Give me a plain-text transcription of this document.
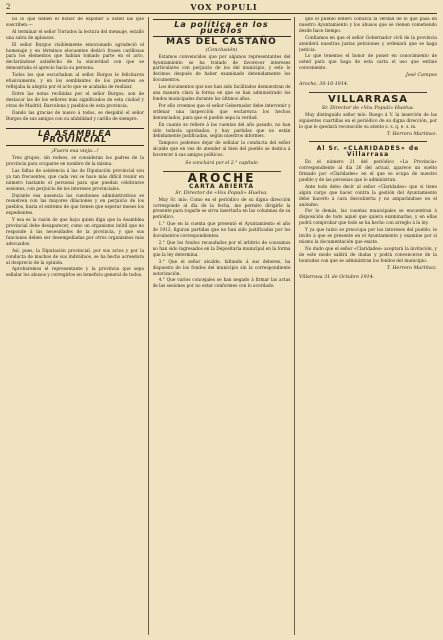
2	VOX POPULI

Es lo que tienen el honor de exponer á usted las que suscriben.—

Al terminar el señor Torrados la lectura del mensaje, estalló una salva de aplausos.

El señor Burgos visiblemente emocionado agradeció el homenaje y en términos elocuentes dedicó frases cariñosas para los elementos que habian tomado parte en el acto, declarándose satisfecho de la sinceridad con que se demostraba el aprecio hacia su persona.

Todos los que escuchaban al señor Burgos le felicitaron efusivamente, y en los semblantes de los presentes se reflejaba la alegría por el acto que se acababa de realizar.

Entre las notas recibidas por el señor Burgos, son de destacar las de los señores más significados de esta ciudad y otras de Madrid, Barcelona y pueblos de esta provincia.

Dando las gracias de nuevo á todos, se despidió el señor Burgos de sus amigos con su afabilidad y cariño de siempre.

LA ASAMBLEA PROVINCIAL
¡Fuera esa vieja...!

Tres grupos, sin rodeos, se consideran los padres de la provincia para ocuparse en nombre de la misma.

Las faltas de asistencia á las de Diputación provincial son ya tan frecuentes, que cada vez se hace más difícil reunir en número bastante el personal para que puedan celebrarse sesiones, con perjuicio de los intereses provinciales.

Durante esa ausencia las cuestiones administrativas se resuelven con las mayores dilaciones y en perjuicio de los pueblos, hasta el extremo de que tienen que esperar meses los expedientes.

Y esa es la razón de que haya quien diga que la Asamblea provincial debe desaparecer, como un organismo inútil que no responde á las necesidades de la provincia, y que sus funciones deben ser desempeñadas por otros organismos más adecuados.

Así, pues, la Diputación provincial, por sus actos y por la conducta de muchos de sus individuos, se ha hecho acreedora al desprecio de la opinión.

Aprobaremos el representante y la provincia que sepa señalar los abusos y corregirlos en beneficio general de todos.

La política en los pueblos
MAS DEL CASTAÑO
(Conclusión)

Estamos convencidos que por algunos representantes del Ayuntamiento se ha tratado de favorecer intereses particulares con perjuicio de los del municipio, y esto lo decimos después de haber examinado detenidamente los documentos.

Los documentos que nos han sido facilitados demuestran de una manera clara la forma en que se han administrado los fondos municipales durante los últimos años.

Por ello creemos que el señor Gobernador debe intervenir y ordenar una inspección que esclarezca los hechos denunciados, para que el pueblo sepa la verdad.

En cuanto se refiere á las cuentas del año pasado, no han sido todavía aprobadas, y hay partidas que no están debidamente justificadas, según nuestros informes.

Tampoco podemos dejar de señalar la conducta del señor alcalde que en vez de atender al bien del pueblo se dedica á favorecer á sus amigos políticos.

Se concluirá por el 2.° capítulo
AROCHE
CARTA ABIERTA
Sr. Director de «Vox Populi» Huelva.

Muy Sr. mío: Como en el periódico de su digna dirección corresponde al día de la fecha, me permito dirigirle la presente para rogarle se sirva insertarla en las columnas de su periódico.

1.° Que en la cuenta que presentó el Ayuntamiento el año de 1913, figuran partidas que no han sido justificadas por los documentos correspondientes.

2.° Que los fondos recaudados por el arbitrio de consumos no han sido ingresados en la Depositaría municipal en la forma que la ley determina.

3.° Que el señor alcalde, faltando á sus deberes, ha dispuesto de los fondos del municipio sin la correspondiente autorización.

4.° Que varios concejales se han negado á firmar las actas de las sesiones por no estar conformes con lo acordado.

que el pueblo entero conozca la verdad de lo que pasa en nuestro Ayuntamiento y los abusos que se vienen cometiendo desde hace tiempo.

Confiamos en que el señor Gobernador civil de la provincia atenderá nuestras justas peticiones y ordenará que se haga justicia.

Lo que tenemos el honor de poner en conocimiento de usted para que haga de esta carta el uso que estime conveniente.

José Campos
Aroche, 30-10-1914.
VILLARRASA
Sr. Director de «Vox Populi» Huelva.

Muy distinguido señor mío: Ruego á V. la inserción de las siguientes cuartillas en el periódico de su digna dirección, por lo que le quedará reconocido su atento s. s. q. e. s. m.

T. Herrero Martínez.
Al Sr. «CLARIDADES» de Villarrasa

En el número 21 del periódico «La Provincia» correspondiente al día 26 del actual, aparece un suelto firmado por «Claridades» en el que se ocupa de nuestro pueblo y de las personas que lo administran.

Ante todo debo decir al señor «Claridades» que si tiene algún cargo que hacer contra la gestión del Ayuntamiento debe hacerlo á cara descubierta y no amparándose en el anónimo.

Por lo demás, las cuentas municipales se encuentran á disposición de todo aquel que quiera examinarlas, y en ellas podrá comprobar que todo se ha hecho con arreglo á la ley.

Y ya que tanto se preocupa por los intereses del pueblo, le invito á que se presente en el Ayuntamiento y examine por sí mismo la documentación que existe.

No dudo que el señor «Claridades» aceptará la invitación, y de este modo saldrá de dudas y podrá convencerse de la honradez con que se administran los fondos del municipio.

T. Herrero Martínez.
Villarrasa 31 de Octubre 1914.
